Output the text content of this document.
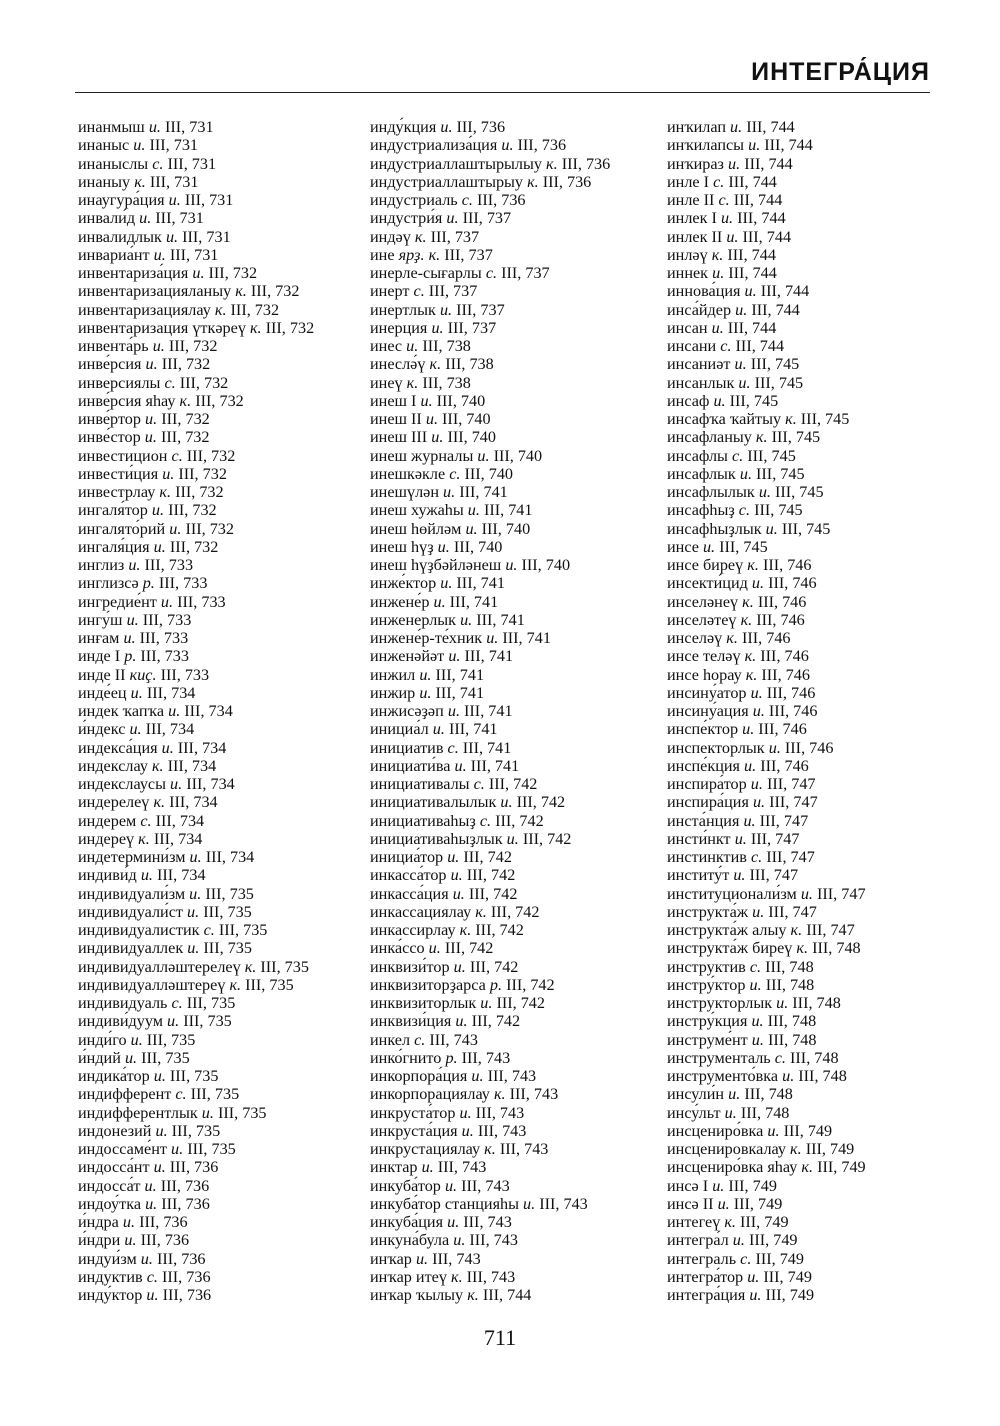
ИНТЕГРА́ЦИЯ
инанмыш и. III, 731
инаныс и. III, 731
инаныслы с. III, 731
инаныу к. III, 731
инаугура́ция и. III, 731
инвали́д и. III, 731
инвалидлык и. III, 731
инвариа́нт и. III, 731
инвентариза́ция и. III, 732
инвентаризацияланыу к. III, 732
инвентаризациялау к. III, 732
инвентаризация үткәреү к. III, 732
инвента́рь и. III, 732
инве́рсия и. III, 732
инверсиялы с. III, 732
инве́рсия яһау к. III, 732
инве́ртор и. III, 732
инве́стор и. III, 732
инвестицион с. III, 732
инвести́ция и. III, 732
инвестрлау к. III, 732
ингаля́тор и. III, 732
ингалято́рий и. III, 732
ингаля́ция и. III, 732
инглиз и. III, 733
инглизсә р. III, 733
ингредие́нт и. III, 733
ингу́ш и. III, 733
инғам и. III, 733
инде I р. III, 733
инде II киҫ. III, 733
инде́ец и. III, 734
индек ҡапҡа и. III, 734
и́ндекс и. III, 734
индекса́ция и. III, 734
индекслау к. III, 734
индекслаусы и. III, 734
индерелеү к. III, 734
индерем с. III, 734
индереү к. III, 734
индетермини́зм и. III, 734
индиви́д и. III, 734
индивидуали́зм и. III, 735
индивидуали́ст и. III, 735
индивидуалистик с. III, 735
индивидуаллек и. III, 735
индивидуалләштерелеү к. III, 735
индивидуалләштереү к. III, 735
индивидуаль с. III, 735
индиви́дуум и. III, 735
инди́го и. III, 735
и́ндий и. III, 735
индика́тор и. III, 735
индифферент с. III, 735
индифферентлык и. III, 735
индонезий и. III, 735
индоссаме́нт и. III, 735
индосса́нт и. III, 736
индосса́т и. III, 736
индоу́тка и. III, 736
и́ндра и. III, 736
и́ндри и. III, 736
индуи́зм и. III, 736
индуктив с. III, 736
инду́ктор и. III, 736
инду́кция и. III, 736
индустриализа́ция и. III, 736
индустриаллаштырылыу к. III, 736
индустриаллаштырыу к. III, 736
индустриаль с. III, 736
индустри́я и. III, 737
индәү к. III, 737
ине ярҙ. к. III, 737
инерле-сығарлы с. III, 737
инерт с. III, 737
инертлык и. III, 737
инерция и. III, 737
инес и. III, 738
инеслә́ү к. III, 738
инеү к. III, 738
инеш I и. III, 740
инеш II и. III, 740
инеш III и. III, 740
инеш журналы и. III, 740
инешкәкле с. III, 740
инешүлән и. III, 741
инеш хужаһы и. III, 741
инеш һөйләм и. III, 740
инеш һүҙ и. III, 740
инеш һүҙбәйләнеш и. III, 740
инже́ктор и. III, 741
инжене́р и. III, 741
инженерлык и. III, 741
инжене́р-те́хник и. III, 741
инженәйәт и. III, 741
инжил и. III, 741
инжир и. III, 741
инжисәҙәп и. III, 741
инициа́л и. III, 741
инициатив с. III, 741
инициати́ва и. III, 741
инициативалы с. III, 742
инициативалылык и. III, 742
инициативаһыҙ с. III, 742
инициативаһыҙлык и. III, 742
инициа́тор и. III, 742
инкасса́тор и. III, 742
инкасса́ция и. III, 742
инкассациялау к. III, 742
инкассирлау к. III, 742
инка́ссо и. III, 742
инквизи́тор и. III, 742
инквизиторҙарса р. III, 742
инквизиторлык и. III, 742
инквизи́ция и. III, 742
инкел с. III, 743
инко́гнито р. III, 743
инкорпора́ция и. III, 743
инкорпорациялау к. III, 743
инкруста́тор и. III, 743
инкруста́ция и. III, 743
инкрустациялау к. III, 743
инктар и. III, 743
инкуба́тор и. III, 743
инкуба́тор станцияһы и. III, 743
инкуба́ция и. III, 743
инкуна́була и. III, 743
инҡар и. III, 743
инҡар итеү к. III, 743
инҡар ҡылыу к. III, 744
инҡилап и. III, 744
инҡилапсы и. III, 744
инҡираз и. III, 744
инле I с. III, 744
инле II с. III, 744
инлек I и. III, 744
инлек II и. III, 744
инләү к. III, 744
иннек и. III, 744
иннова́ция и. III, 744
инса́йдер и. III, 744
инсан и. III, 744
инсани с. III, 744
инсаниәт и. III, 745
инсанлык и. III, 745
инсаф и. III, 745
инсафҡа ҡайтыу к. III, 745
инсафланыу к. III, 745
инсафлы с. III, 745
инсафлык и. III, 745
инсафлылык и. III, 745
инсафһыҙ с. III, 745
инсафһыҙлык и. III, 745
инсе и. III, 745
инсе биреү к. III, 746
инсекти́цид и. III, 746
инселәнеү к. III, 746
инселәтеү к. III, 746
инселәү к. III, 746
инсе теләү к. III, 746
инсе һорау к. III, 746
инсину́атор и. III, 746
инсину́ация и. III, 746
инспе́ктор и. III, 746
инспекторлык и. III, 746
инспе́кция и. III, 746
инспира́тор и. III, 747
инспира́ция и. III, 747
инста́нция и. III, 747
инсти́нкт и. III, 747
инстинктив с. III, 747
институ́т и. III, 747
институционали́зм и. III, 747
инструкта́ж и. III, 747
инструкта́ж алыу к. III, 747
инструкта́ж биреү к. III, 748
инструктив с. III, 748
инстру́ктор и. III, 748
инструкторлык и. III, 748
инстру́кция и. III, 748
инструме́нт и. III, 748
инструменталь с. III, 748
инструменто́вка и. III, 748
инсули́н и. III, 748
инсу́льт и. III, 748
инсцениро́вка и. III, 749
инсценировкалау к. III, 749
инсцениро́вка яһау к. III, 749
инсә I и. III, 749
инсә II и. III, 749
интегеү к. III, 749
интегра́л и. III, 749
интеграль с. III, 749
интегра́тор и. III, 749
интегра́ция и. III, 749
711
